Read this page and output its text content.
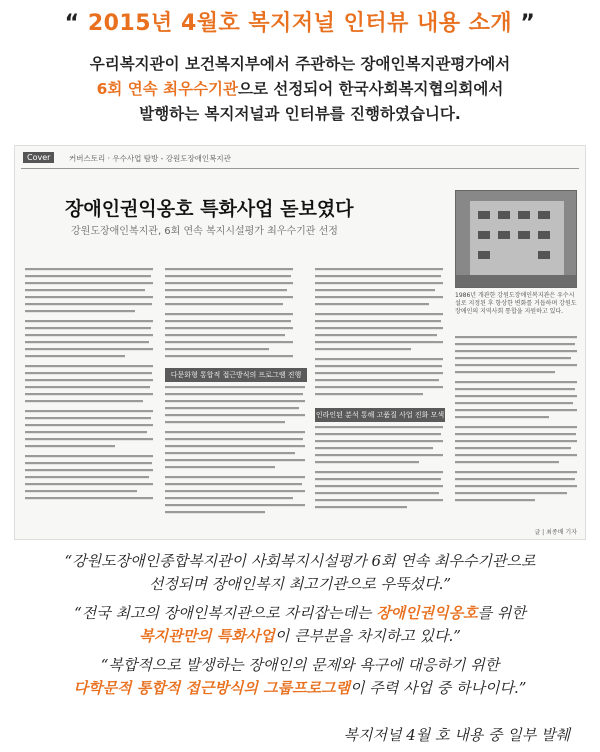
“ 2015년 4월호 복지저널 인터뷰 내용 소개 ”
우리복지관이 보건복지부에서 주관하는 장애인복지관평가에서
6회 연속 최우수기관으로 선정되어 한국사회복지협의회에서
발행하는 복지저널과 인터뷰를 진행하였습니다.
Cover	커버스토리 · 우수사업 탐방 - 강원도장애인복지관
장애인권익옹호 특화사업 돋보였다
강원도장애인복지관, 6회 연속 복지시설평가 최우수기관 선정
1986년 개관한 강원도장애인복지관은 우수시설로 지정된 후 항상한 변화를 거듭하며 강원도 장애인의 지역사회 통합을 지원하고 있다.
다문화형 통합적 접근방식의 프로그램 진행
인라인된 분석 통해 고품질 사업 진화 모색
글 | 최종배 기자
“강원도장애인종합복지관이 사회복지시설평가 6회 연속 최우수기관으로
선정되며 장애인복지 최고기관으로 우뚝섰다.”
“전국 최고의 장애인복지관으로 자리잡는데는 장애인권익옹호를 위한
복지관만의 특화사업이 큰부분을 차지하고 있다.”
“복합적으로 발생하는 장애인의 문제와 욕구에 대응하기 위한
다학문적 통합적 접근방식의 그룹프로그램이 주력 사업 중 하나이다.”
복지저널 4월 호 내용 중 일부 발췌
